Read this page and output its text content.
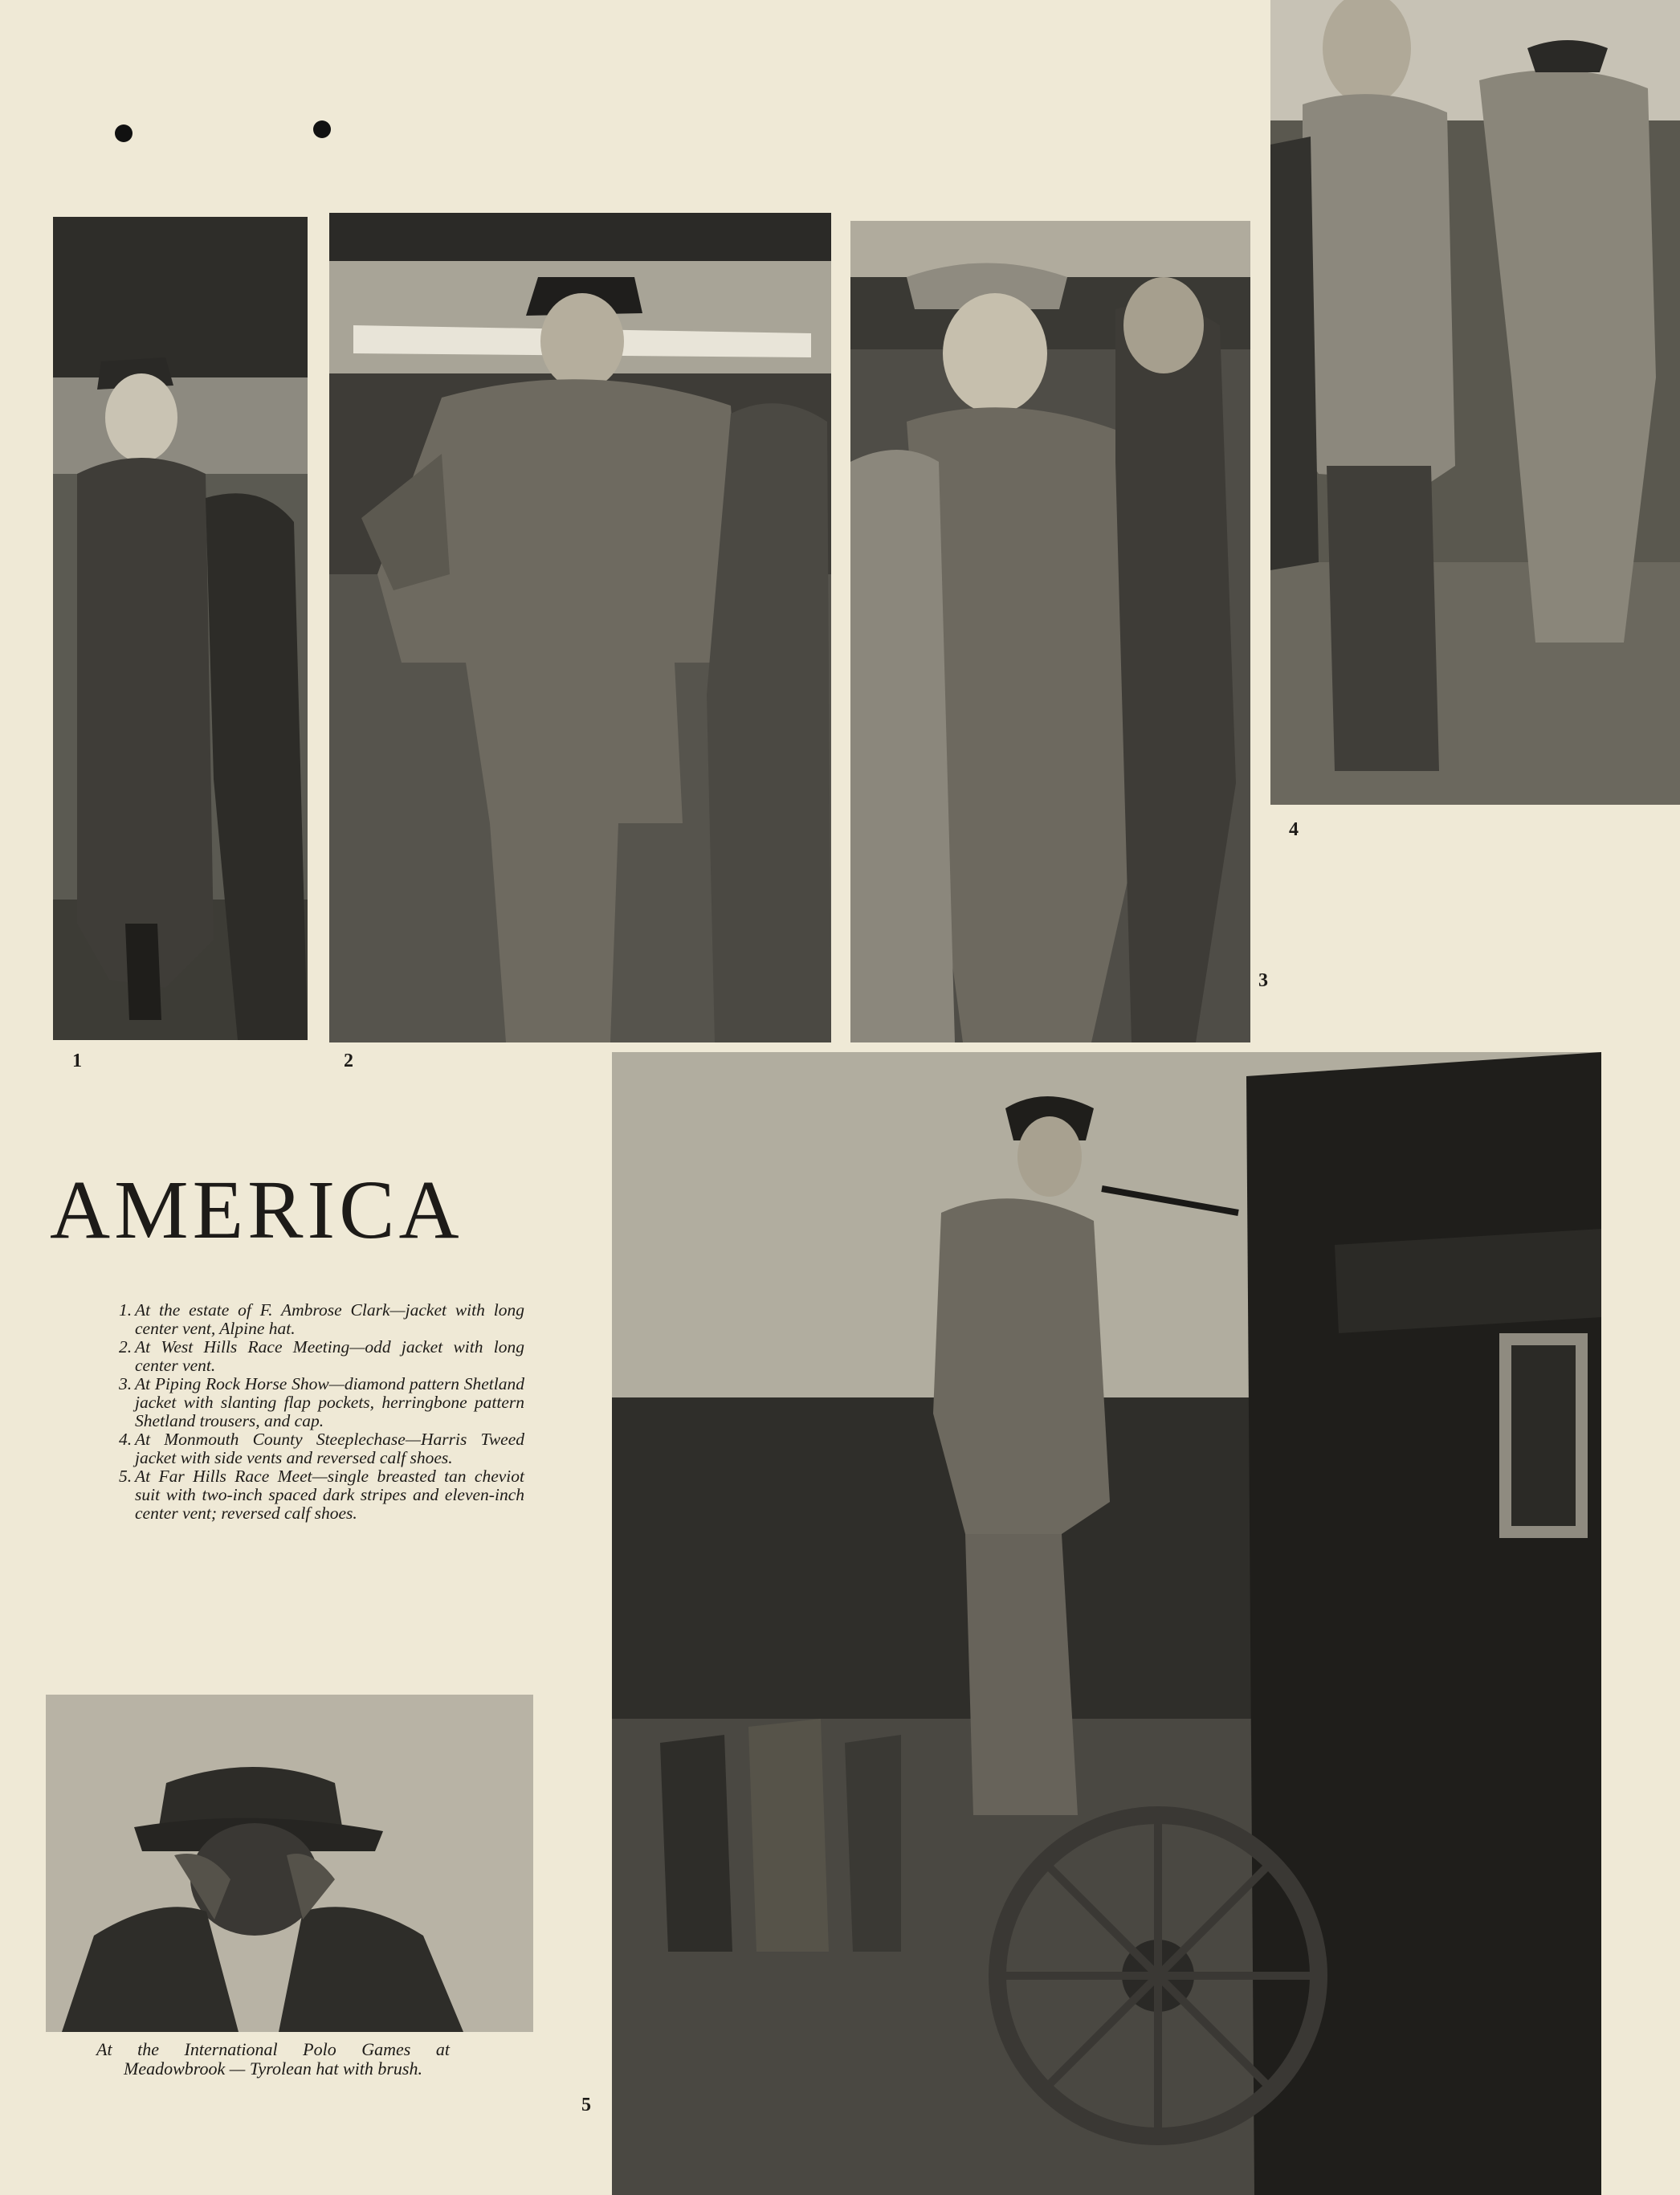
1	2
3
4
5
AMERICA
1. At the estate of F. Ambrose Clark—jacket with long center vent, Alpine hat.
2. At West Hills Race Meeting—odd jacket with long center vent.
3. At Piping Rock Horse Show—diamond pattern Shetland jacket with slanting flap pockets, herringbone pattern Shetland trousers, and cap.
4. At Monmouth County Steeplechase—Harris Tweed jacket with side vents and reversed calf shoes.
5. At Far Hills Race Meet—single breasted tan cheviot suit with two-inch spaced dark stripes and eleven-inch center vent; reversed calf shoes.

At the International Polo Games at Meadowbrook — Tyrolean hat with brush.
